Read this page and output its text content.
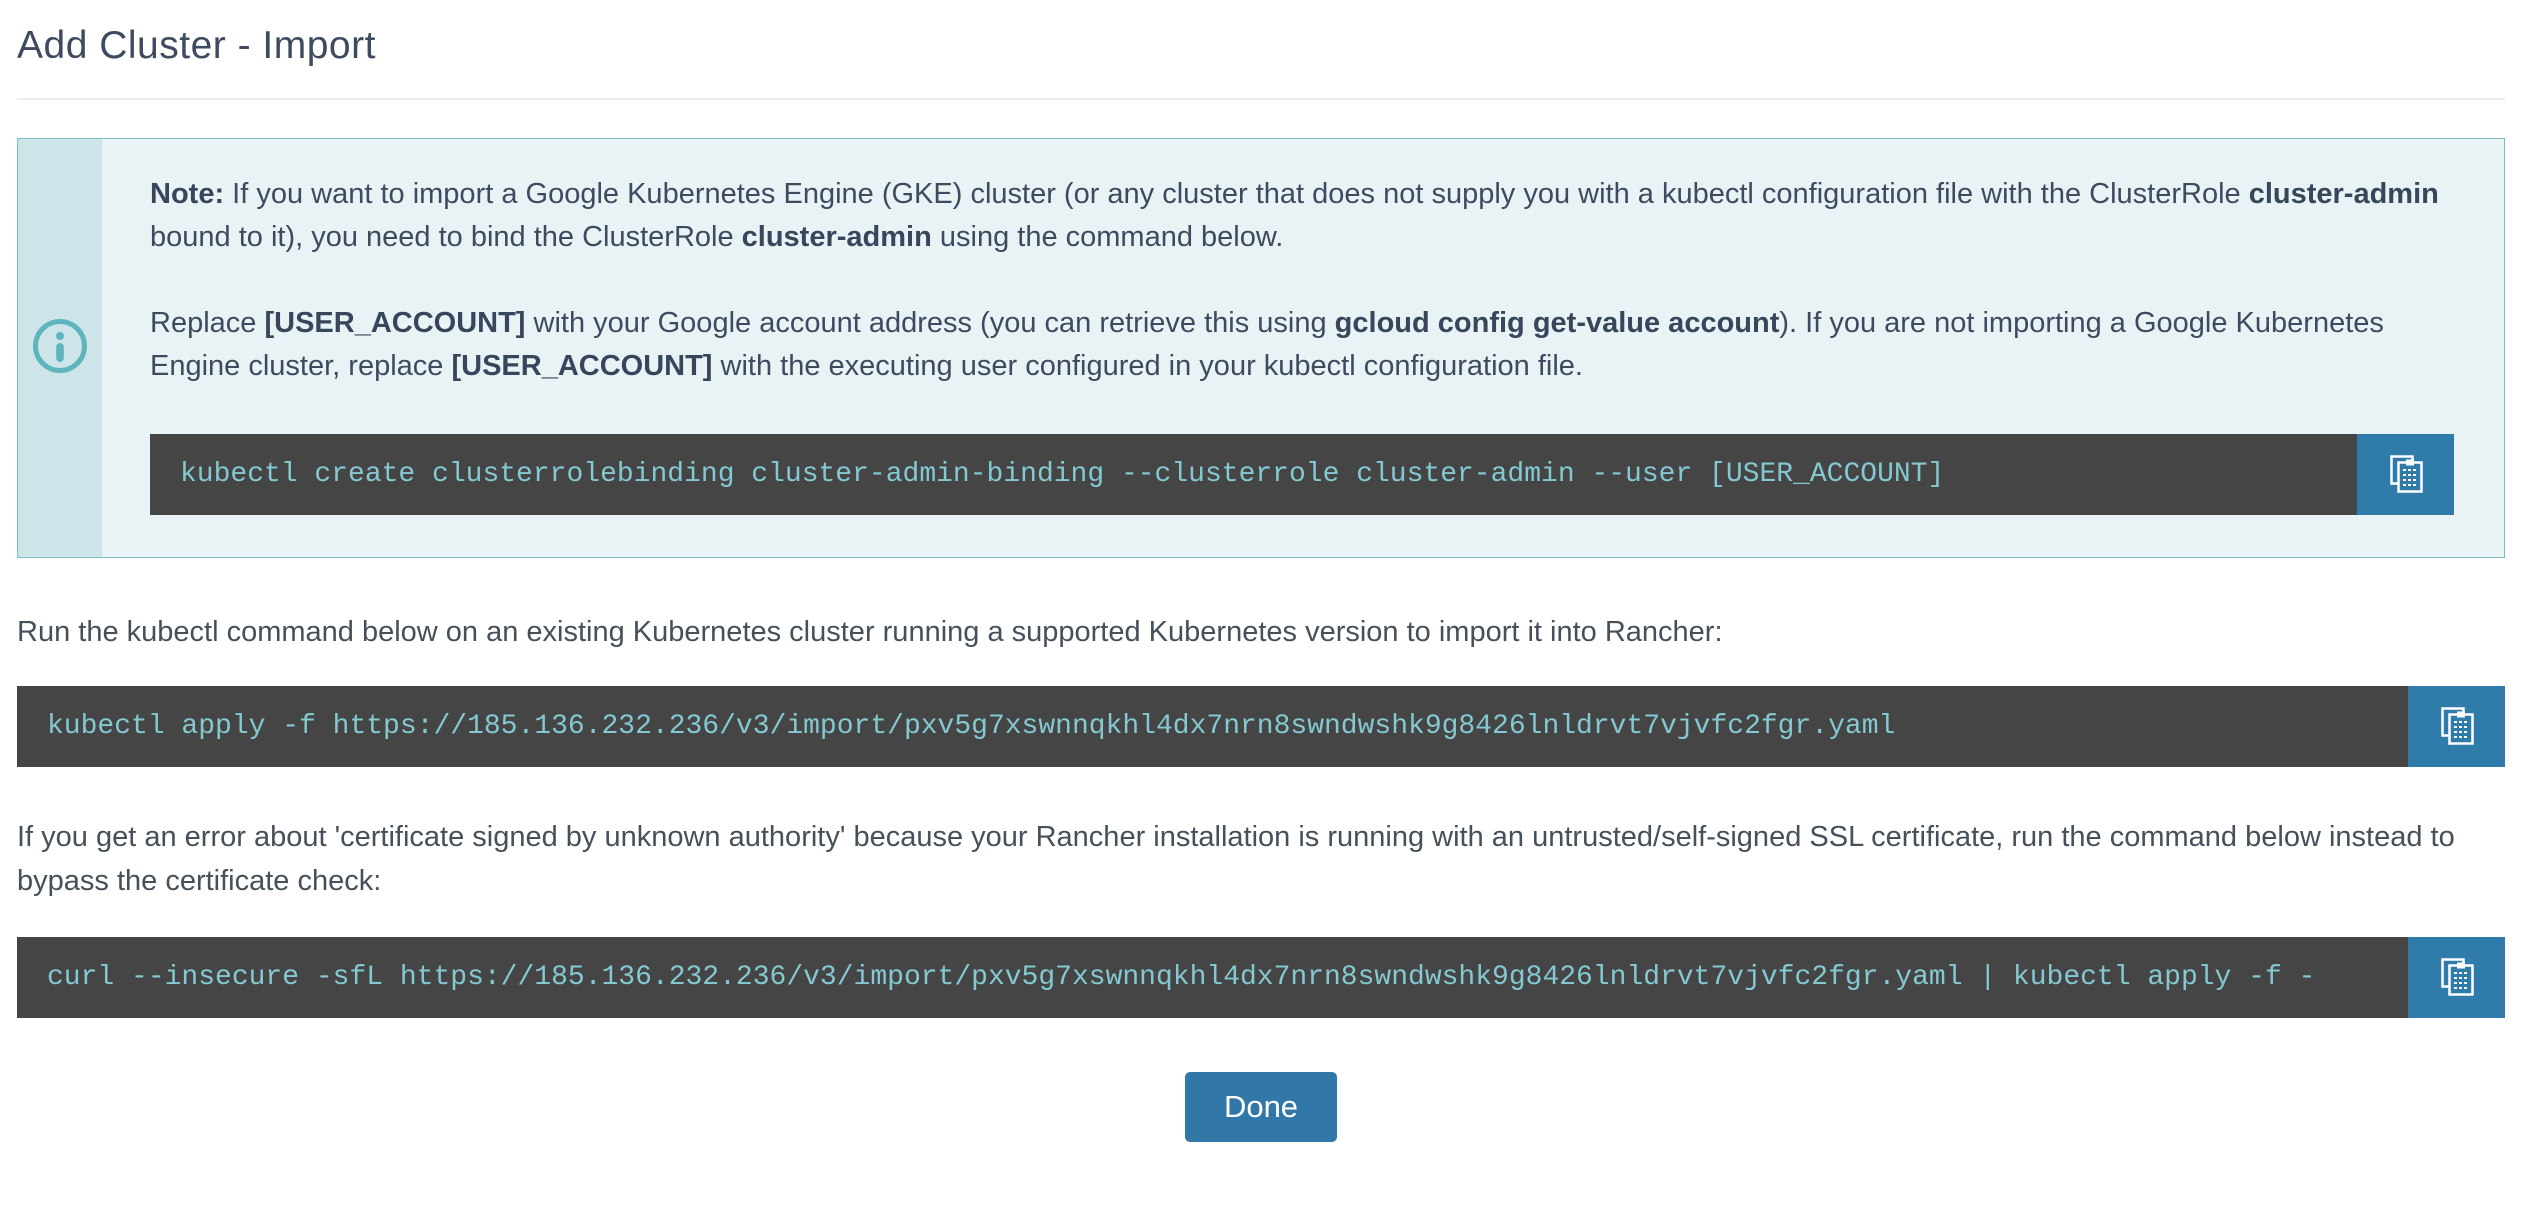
Add Cluster - Import

Note: If you want to import a Google Kubernetes Engine (GKE) cluster (or any cluster that does not supply you with a kubectl configuration file with the ClusterRole cluster-admin bound to it), you need to bind the ClusterRole cluster-admin using the command below.

Replace [USER_ACCOUNT] with your Google account address (you can retrieve this using gcloud config get-value account). If you are not importing a Google Kubernetes Engine cluster, replace [USER_ACCOUNT] with the executing user configured in your kubectl configuration file.

kubectl create clusterrolebinding cluster-admin-binding --clusterrole cluster-admin --user [USER_ACCOUNT]

Run the kubectl command below on an existing Kubernetes cluster running a supported Kubernetes version to import it into Rancher:

kubectl apply -f https://185.136.232.236/v3/import/pxv5g7xswnnqkhl4dx7nrn8swndwshk9g8426lnldrvt7vjvfc2fgr.yaml

If you get an error about 'certificate signed by unknown authority' because your Rancher installation is running with an untrusted/self-signed SSL certificate, run the command below instead to bypass the certificate check:

curl --insecure -sfL https://185.136.232.236/v3/import/pxv5g7xswnnqkhl4dx7nrn8swndwshk9g8426lnldrvt7vjvfc2fgr.yaml | kubectl apply -f -
Done
